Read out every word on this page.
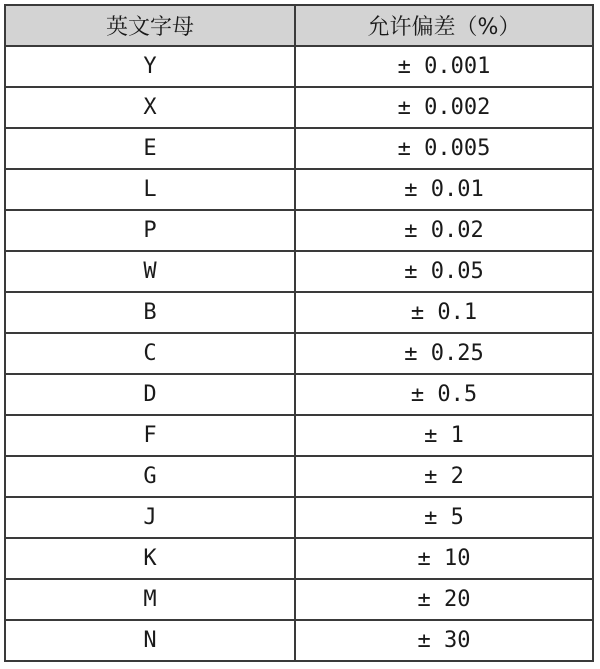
英文字母	允许偏差（%）
Y	± 0.001
X	± 0.002
E	± 0.005
L	± 0.01
P	± 0.02
W	± 0.05
B	± 0.1
C	± 0.25
D	± 0.5
F	± 1
G	± 2
J	± 5
K	± 10
M	± 20
N	± 30
